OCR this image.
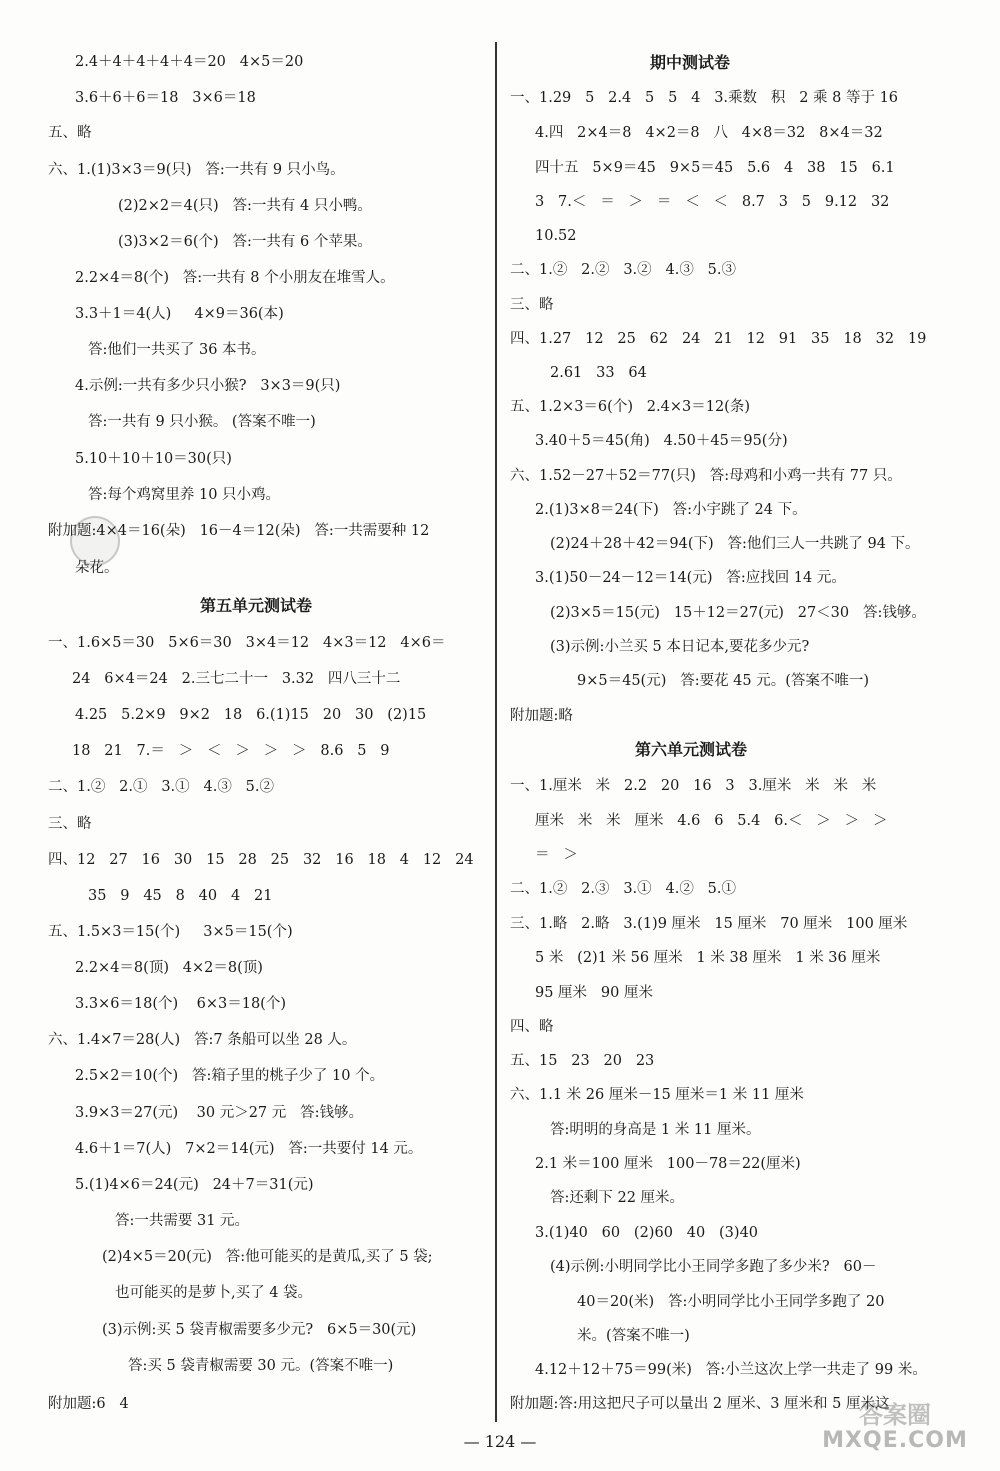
第五单元测试卷
期中测试卷
第六单元测试卷
— 124 —
答案圈
MXQE.COM
2.4＋4＋4＋4＋4＝20   4×5＝20
3.6＋6＋6＝18   3×6＝18
五、略
六、1.(1)3×3＝9(只)   答:一共有 9 只小鸟。
(2)2×2＝4(只)   答:一共有 4 只小鸭。
(3)3×2＝6(个)   答:一共有 6 个苹果。
2.2×4＝8(个)   答:一共有 8 个小朋友在堆雪人。
3.3＋1＝4(人)     4×9＝36(本)
答:他们一共买了 36 本书。
4.示例:一共有多少只小猴?   3×3＝9(只)
答:一共有 9 只小猴。 (答案不唯一)
5.10＋10＋10＝30(只)
答:每个鸡窝里养 10 只小鸡。
附加题:4×4＝16(朵)   16－4＝12(朵)   答:一共需要种 12
朵花。
一、1.6×5＝30   5×6＝30   3×4＝12   4×3＝12   4×6＝
24   6×4＝24   2.三七二十一   3.32   四八三十二
4.25   5.2×9   9×2   18   6.(1)15   20   30   (2)15
18   21   7.＝   ＞   ＜   ＞   ＞   ＞   8.6   5   9
二、1.②   2.①   3.①   4.③   5.②
三、略
四、12   27   16   30   15   28   25   32   16   18   4   12   24
35   9   45   8   40   4   21
五、1.5×3＝15(个)     3×5＝15(个)
2.2×4＝8(顶)   4×2＝8(顶)
3.3×6＝18(个)    6×3＝18(个)
六、1.4×7＝28(人)   答:7 条船可以坐 28 人。
2.5×2＝10(个)   答:箱子里的桃子少了 10 个。
3.9×3＝27(元)    30 元＞27 元   答:钱够。
4.6＋1＝7(人)   7×2＝14(元)   答:一共要付 14 元。
5.(1)4×6＝24(元)   24＋7＝31(元)
答:一共需要 31 元。
(2)4×5＝20(元)   答:他可能买的是黄瓜,买了 5 袋;
也可能买的是萝卜,买了 4 袋。
(3)示例:买 5 袋青椒需要多少元?   6×5＝30(元)
答:买 5 袋青椒需要 30 元。(答案不唯一)
附加题:6   4
一、1.29   5   2.4   5   5   4   3.乘数   积   2 乘 8 等于 16
4.四   2×4＝8   4×2＝8   八   4×8＝32   8×4＝32
四十五   5×9＝45   9×5＝45   5.6   4   38   15   6.1
3   7.＜   ＝   ＞   ＝   ＜   ＜   8.7   3   5   9.12   32
10.52
二、1.②   2.②   3.②   4.③   5.③
三、略
四、1.27   12   25   62   24   21   12   91   35   18   32   19
2.61   33   64
五、1.2×3＝6(个)   2.4×3＝12(条)
3.40＋5＝45(角)   4.50＋45＝95(分)
六、1.52－27＋52＝77(只)   答:母鸡和小鸡一共有 77 只。
2.(1)3×8＝24(下)   答:小宇跳了 24 下。
(2)24＋28＋42＝94(下)   答:他们三人一共跳了 94 下。
3.(1)50－24－12＝14(元)   答:应找回 14 元。
(2)3×5＝15(元)   15＋12＝27(元)   27＜30   答:钱够。
(3)示例:小兰买 5 本日记本,要花多少元?
9×5＝45(元)   答:要花 45 元。(答案不唯一)
附加题:略
一、1.厘米   米   2.2   20   16   3   3.厘米   米   米   米
厘米   米   米   厘米   4.6   6   5.4   6.＜   ＞   ＞   ＞
＝   ＞
二、1.②   2.③   3.①   4.②   5.①
三、1.略   2.略   3.(1)9 厘米   15 厘米   70 厘米   100 厘米
5 米   (2)1 米 56 厘米   1 米 38 厘米   1 米 36 厘米
95 厘米   90 厘米
四、略
五、15   23   20   23
六、1.1 米 26 厘米－15 厘米＝1 米 11 厘米
答:明明的身高是 1 米 11 厘米。
2.1 米＝100 厘米   100－78＝22(厘米)
答:还剩下 22 厘米。
3.(1)40   60   (2)60   40   (3)40
(4)示例:小明同学比小王同学多跑了多少米?   60－
40＝20(米)   答:小明同学比小王同学多跑了 20
米。(答案不唯一)
4.12＋12＋75＝99(米)   答:小兰这次上学一共走了 99 米。
附加题:答:用这把尺子可以量出 2 厘米、3 厘米和 5 厘米这
